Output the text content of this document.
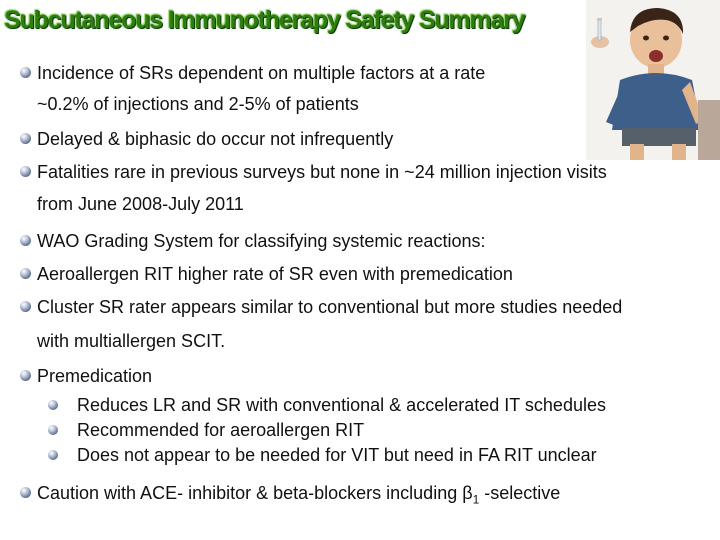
Subcutaneous Immunotherapy Safety Summary
Incidence of SRs dependent on multiple factors at a rate
~0.2% of injections and 2-5% of patients
Delayed & biphasic do occur not infrequently
Fatalities rare in previous surveys but none in ~24 million injection visits
from June 2008-July 2011
WAO Grading System for classifying systemic reactions:
Aeroallergen RIT higher rate of SR even with premedication
Cluster SR rater appears similar to conventional but more studies needed
with multiallergen SCIT.
Premedication
Reduces LR and SR with conventional & accelerated IT schedules
Recommended for aeroallergen RIT
Does not appear to be needed for VIT but need in FA RIT unclear
Caution with ACE- inhibitor & beta-blockers including $\beta_1$ -selective
